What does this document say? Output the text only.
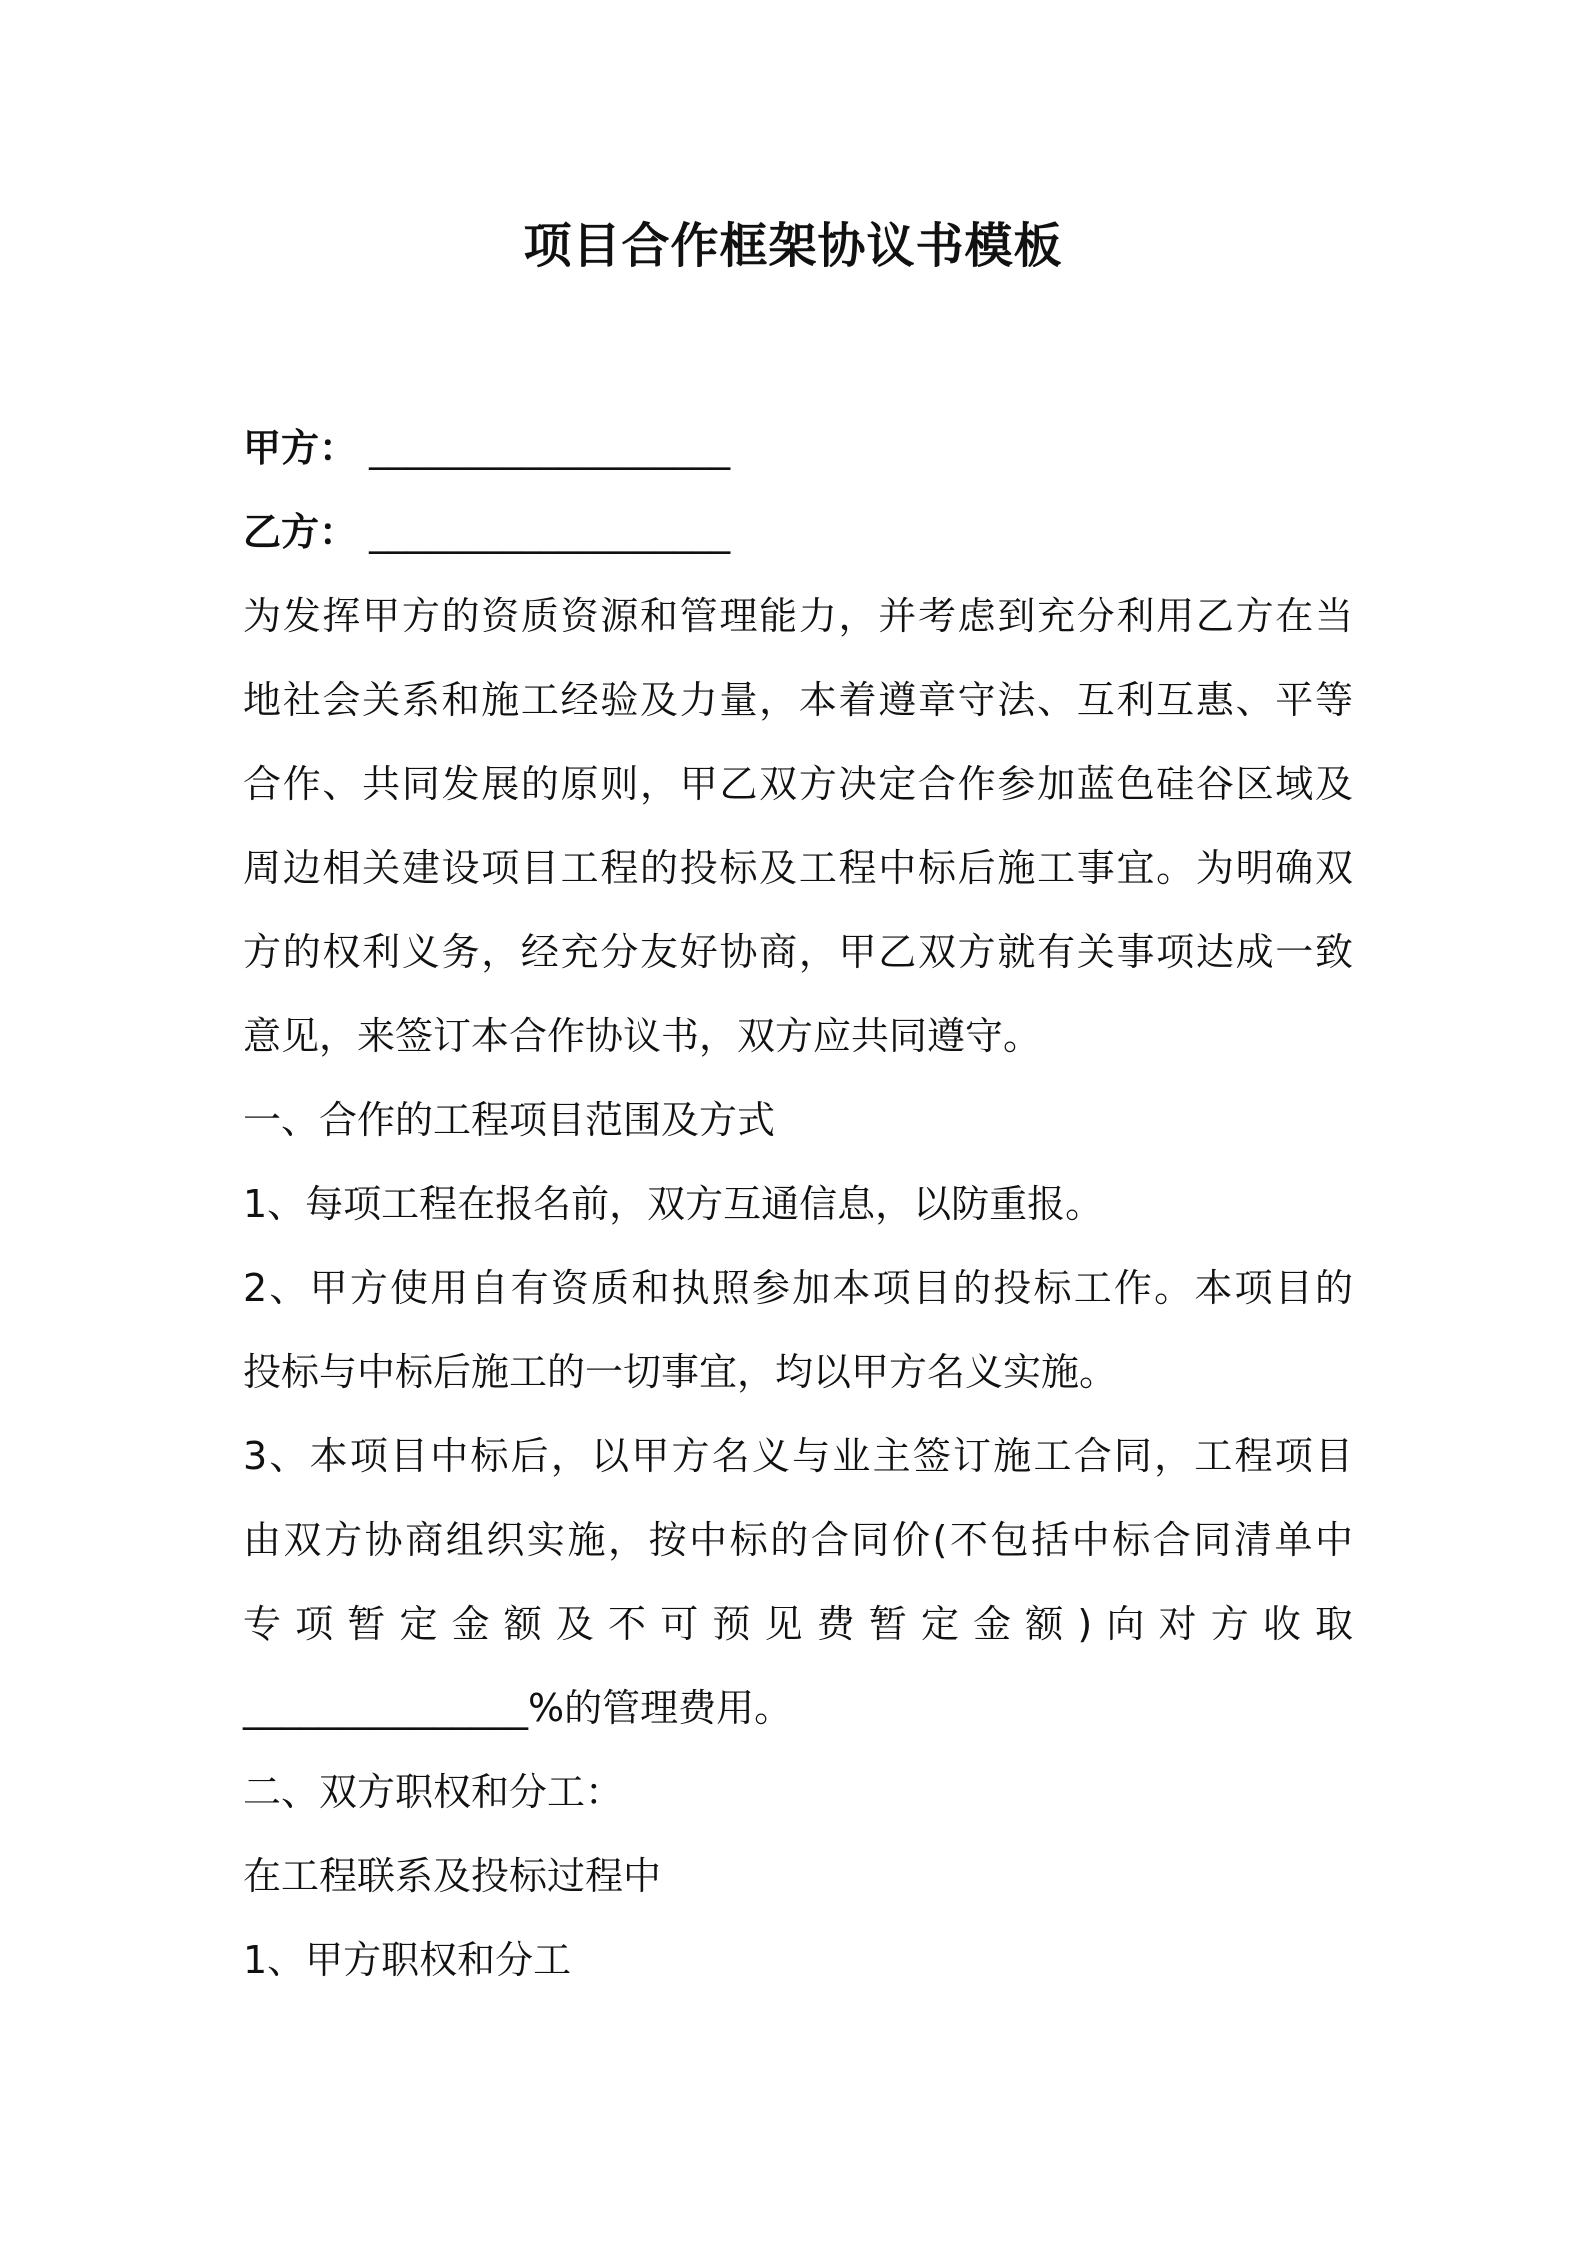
项目合作框架协议书模板

甲方： ___________________

乙方： ___________________

为发挥甲方的资质资源和管理能力，并考虑到充分利用乙方在当

地社会关系和施工经验及力量，本着遵章守法、互利互惠、平等

合作、共同发展的原则，甲乙双方决定合作参加蓝色硅谷区域及

周边相关建设项目工程的投标及工程中标后施工事宜。为明确双

方的权利义务，经充分友好协商，甲乙双方就有关事项达成一致

意见，来签订本合作协议书，双方应共同遵守。

一、合作的工程项目范围及方式

1、每项工程在报名前，双方互通信息，以防重报。

2、甲方使用自有资质和执照参加本项目的投标工作。本项目的

投标与中标后施工的一切事宜，均以甲方名义实施。

3、本项目中标后，以甲方名义与业主签订施工合同，工程项目

由双方协商组织实施，按中标的合同价(不包括中标合同清单中

专项暂定金额及不可预见费暂定金额)向对方收取

_______________%的管理费用。

二、双方职权和分工：

在工程联系及投标过程中

1、甲方职权和分工
